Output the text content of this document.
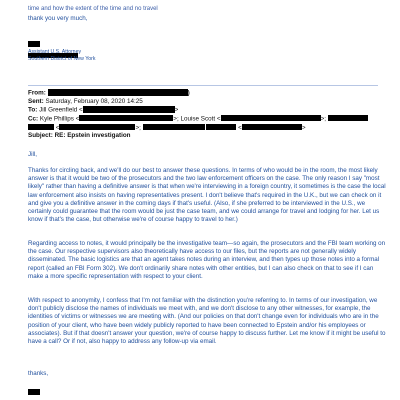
time and how the extent of the time and no travel
thank you very much,
Assistant U.S. Attorney
Southern District of New York
From:	)
Sent: Saturday, February 08, 2020 14:25
To: Jill Greenfield <	>
Cc: Kyle Phillips <	>; Louise Scott <	>;
<	>;	<	>
Subject: RE: Epstein investigation
Jill,

Thanks for circling back, and we'll do our best to answer these questions. In terms of who would be in the room, the most likely answer is that it would be two of the prosecutors and the two law enforcement officers on the case. The only reason I say "most likely" rather than having a definitive answer is that when we're interviewing in a foreign country, it sometimes is the case the local law enforcement also insists on having representatives present. I don't believe that's required in the U.K., but we can check on it and give you a definitive answer in the coming days if that's useful. (Also, if she preferred to be interviewed in the U.S., we certainly could guarantee that the room would be just the case team, and we could arrange for travel and lodging for her. Let us know if that's the case, but otherwise we're of course happy to travel to her.)

Regarding access to notes, it would principally be the investigative team—so again, the prosecutors and the FBI team working on the case. Our respective supervisors also theoretically have access to our files, but the reports are not generally widely disseminated. The basic logistics are that an agent takes notes during an interview, and then types up those notes into a formal report (called an FBI Form 302). We don't ordinarily share notes with other entities, but I can also check on that to see if I can make a more specific representation with respect to your client.

With respect to anonymity, I confess that I'm not familiar with the distinction you're referring to. In terms of our investigation, we don't publicly disclose the names of individuals we meet with, and we don't disclose to any other witnesses, for example, the identities of victims or witnesses we are meeting with. (And our policies on that don't change even for individuals who are in the position of your client, who have been widely publicly reported to have been connected to Epstein and/or his employees or associates). But if that doesn't answer your question, we're of course happy to discuss further. Let me know if it might be useful to have a call? Or if not, also happy to address any follow-up via email.

thanks,
